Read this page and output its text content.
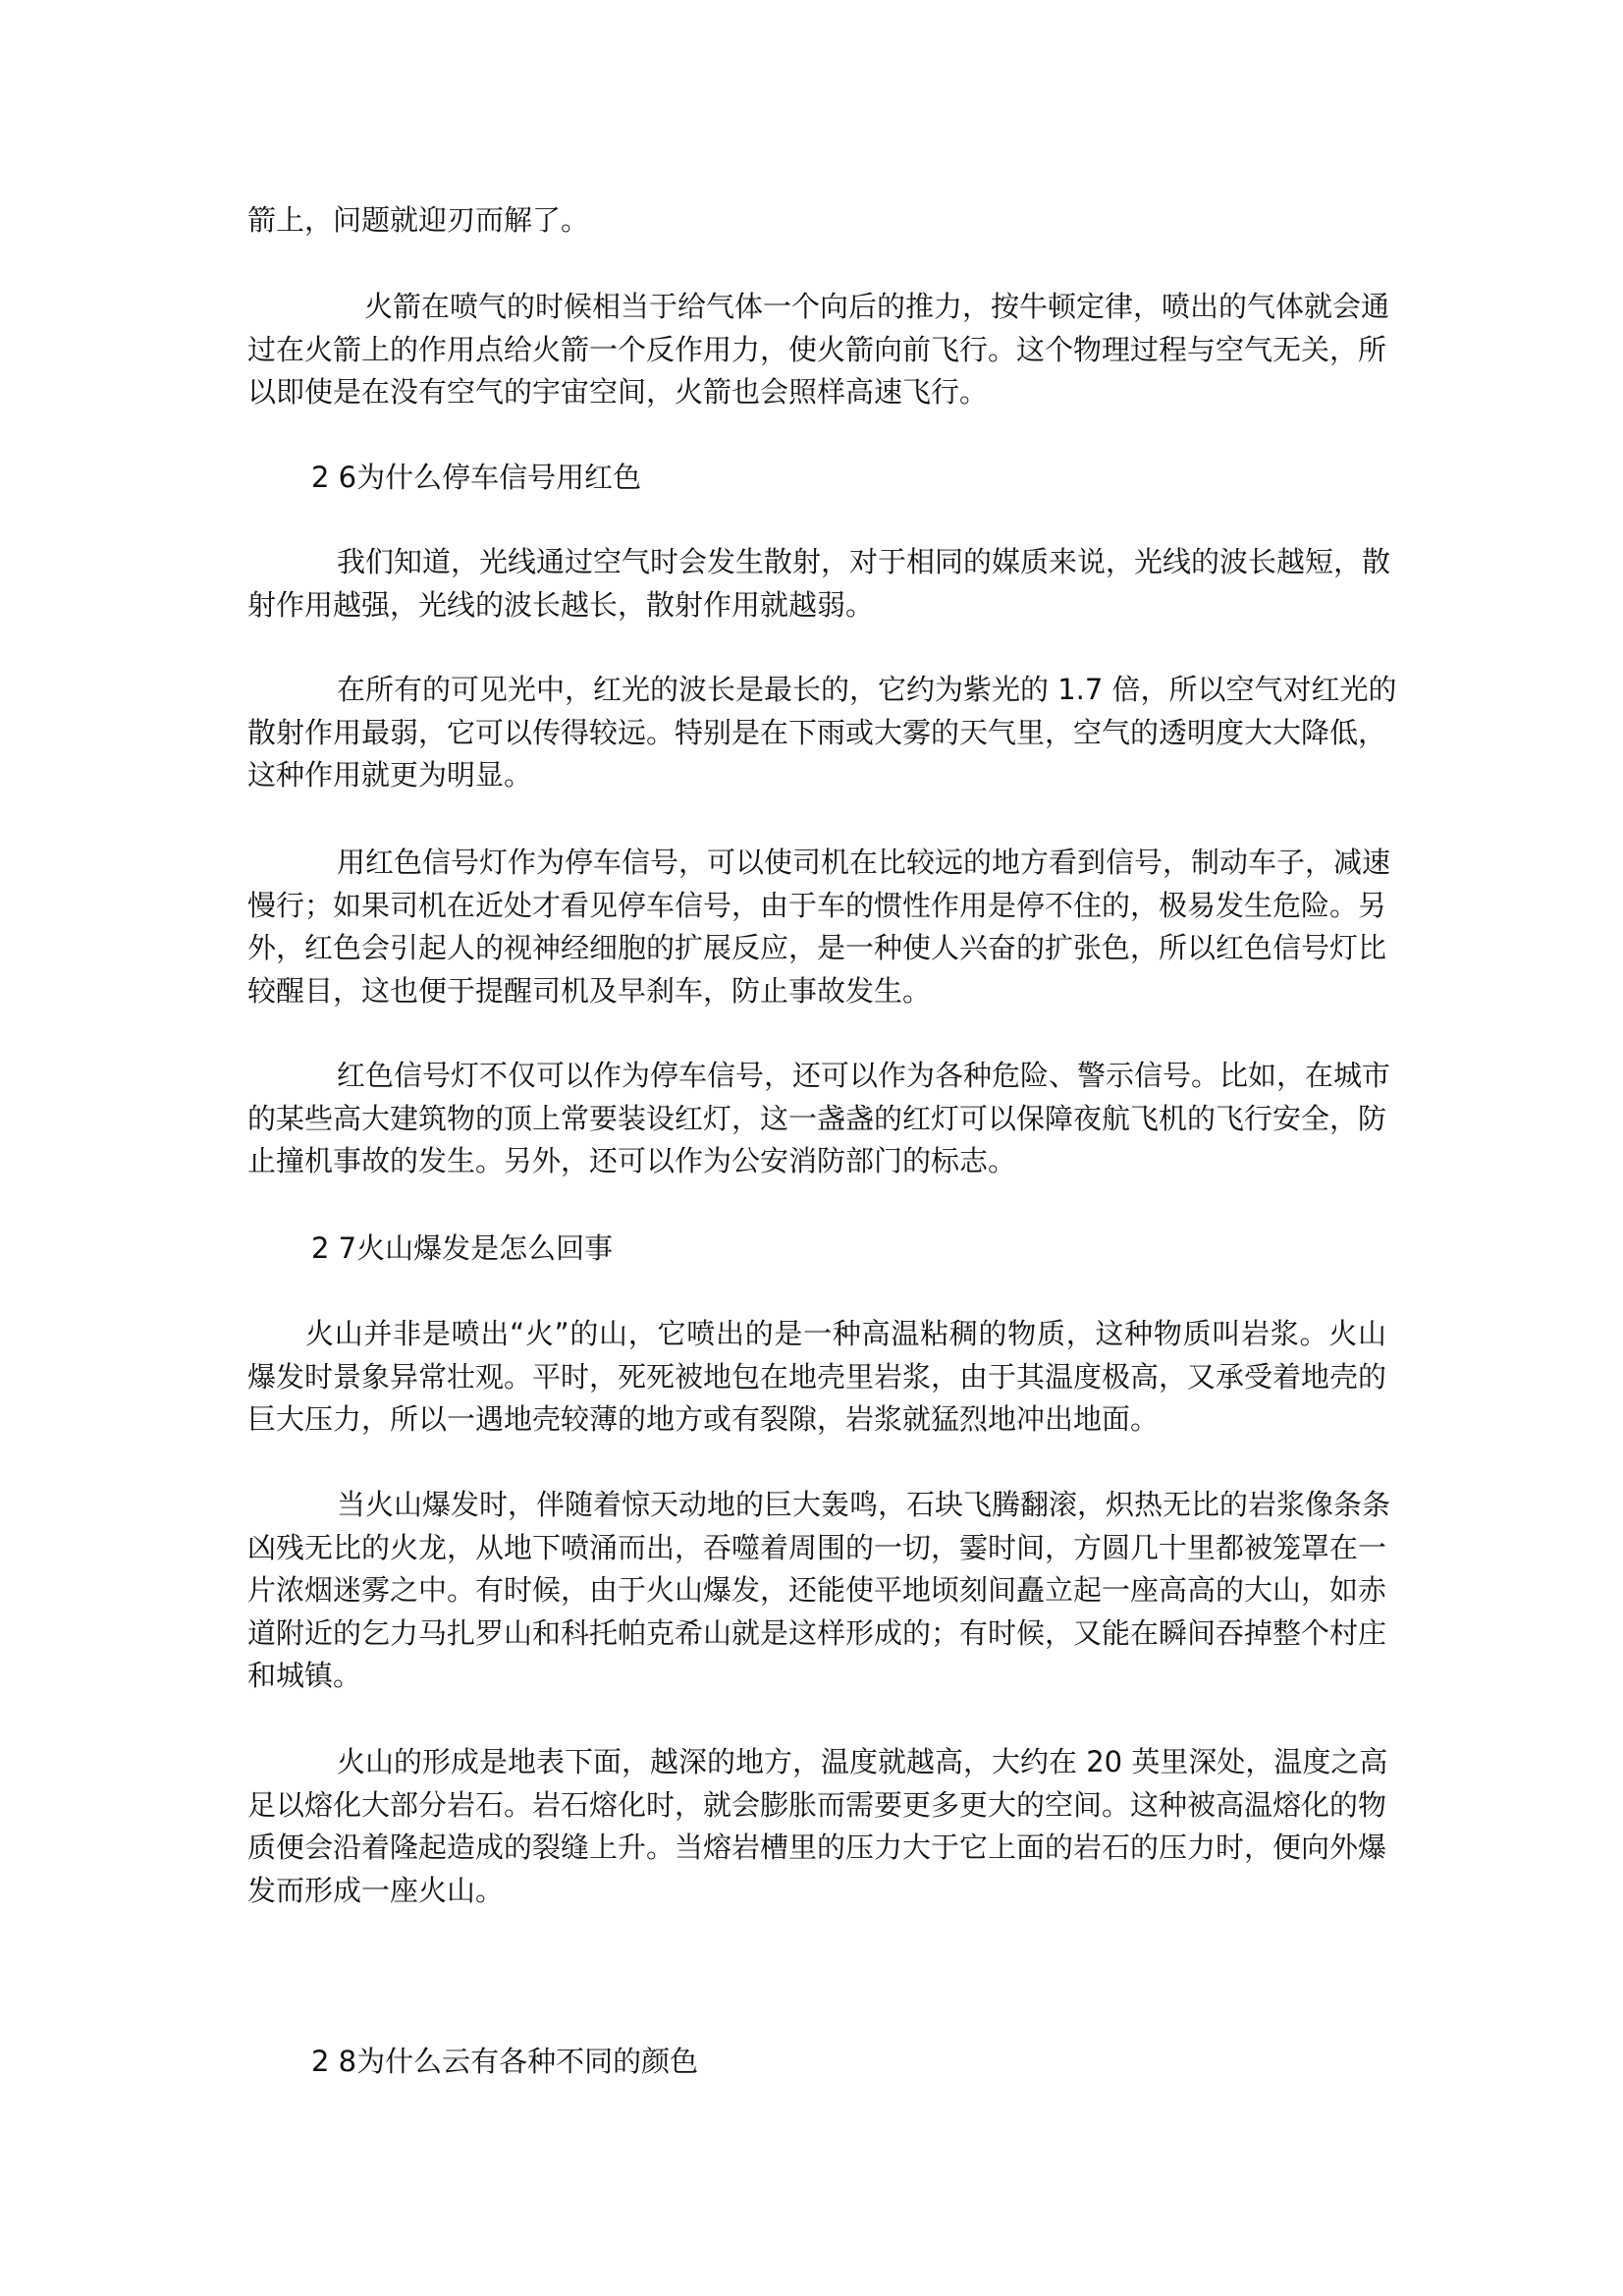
箭上，问题就迎刃而解了。
火箭在喷气的时候相当于给气体一个向后的推力，按牛顿定律，喷出的气体就会通
过在火箭上的作用点给火箭一个反作用力，使火箭向前飞行。这个物理过程与空气无关，所
以即使是在没有空气的宇宙空间，火箭也会照样高速飞行。
2 6为什么停车信号用红色
我们知道，光线通过空气时会发生散射，对于相同的媒质来说，光线的波长越短，散
射作用越强，光线的波长越长，散射作用就越弱。
在所有的可见光中，红光的波长是最长的，它约为紫光的 1.7 倍，所以空气对红光的
散射作用最弱，它可以传得较远。特别是在下雨或大雾的天气里，空气的透明度大大降低，
这种作用就更为明显。
用红色信号灯作为停车信号，可以使司机在比较远的地方看到信号，制动车子，减速
慢行；如果司机在近处才看见停车信号，由于车的惯性作用是停不住的，极易发生危险。另
外，红色会引起人的视神经细胞的扩展反应，是一种使人兴奋的扩张色，所以红色信号灯比
较醒目，这也便于提醒司机及早刹车，防止事故发生。
红色信号灯不仅可以作为停车信号，还可以作为各种危险、警示信号。比如，在城市
的某些高大建筑物的顶上常要装设红灯，这一盏盏的红灯可以保障夜航飞机的飞行安全，防
止撞机事故的发生。另外，还可以作为公安消防部门的标志。
2 7火山爆发是怎么回事
火山并非是喷出“火”的山，它喷出的是一种高温粘稠的物质，这种物质叫岩浆。火山
爆发时景象异常壮观。平时，死死被地包在地壳里岩浆，由于其温度极高，又承受着地壳的
巨大压力，所以一遇地壳较薄的地方或有裂隙，岩浆就猛烈地冲出地面。
当火山爆发时，伴随着惊天动地的巨大轰鸣，石块飞腾翻滚，炽热无比的岩浆像条条
凶残无比的火龙，从地下喷涌而出，吞噬着周围的一切，霎时间，方圆几十里都被笼罩在一
片浓烟迷雾之中。有时候，由于火山爆发，还能使平地顷刻间矗立起一座高高的大山，如赤
道附近的乞力马扎罗山和科托帕克希山就是这样形成的；有时候，又能在瞬间吞掉整个村庄
和城镇。
火山的形成是地表下面，越深的地方，温度就越高，大约在 20 英里深处，温度之高
足以熔化大部分岩石。岩石熔化时，就会膨胀而需要更多更大的空间。这种被高温熔化的物
质便会沿着隆起造成的裂缝上升。当熔岩槽里的压力大于它上面的岩石的压力时，便向外爆
发而形成一座火山。
2 8为什么云有各种不同的颜色
